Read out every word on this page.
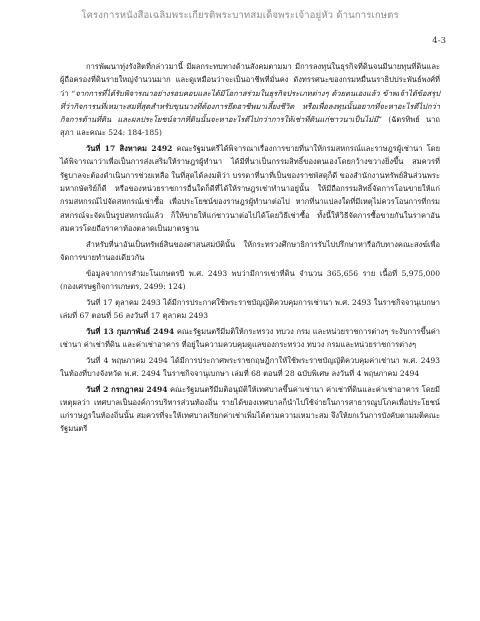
โครงการหนังสือเฉลิมพระเกียรติพระบาทสมเด็จพระเจ้าอยู่หัว ด้านการเกษตร
4-3

การพัฒนาทุ่งรังสิตที่กล่าวมานี้ มีผลกระทบทางด้านสังคมตามมา มีการลงทุนในธุรกิจที่ดินจนมีนายทุนที่ดินและผู้ถือครองที่ดินรายใหญ่จำนวนมาก และดูเหมือนว่าจะเป็นอาชีพที่มั่นคง ดังทรรศนะของกรมหมื่นนราธิปประพันธ์พงศ์ที่ว่า “จากการที่ได้รับพิจารณาอย่างรอบคอบและได้มีโอกาสร่วมในธุรกิจประเภทต่างๆ ด้วยตนเองแล้ว ข้าพเจ้าได้ข้อสรุปที่ว่ากิจการนที่เหมาะสมที่สุดสำหรับขุนนางที่ต้องการยึดอาชีพมาเลี้ยงชีวิต หรือเพื่อลงทุนนั้นอยากที่จะหาอะไรดีไปกว่ากิจการด้านที่ดิน และผลประโยชน์จากที่ดินนั้นจะหาอะไรดีไปกว่าการให้เช่าที่ดินแก่ชาวนาเป็นไม่มี” (ฉัตรทิพย์ นาถสุภา และคณะ 524: 184-185)

วันที่ 17 สิงหาคม 2492 คณะรัฐมนตรีได้พิจารณาเรื่องการขายที่นาให้กรมสหกรณ์และราษฎรผู้เช่านา โดยได้พิจารณาว่าเพื่อเป็นการส่งเสริมให้ราษฎรผู้ทำนา ได้มีที่นาเป็นกรรมสิทธิ์ของตนเองโดยกว้างขวางยิ่งขึ้น สมควรที่รัฐบาลจะต้องดำเนินการช่วยเหลือ ในที่สุดได้ลงมติว่า บรรดาที่นาที่เป็นของราชพัสดุก็ดี ของสำนักงานทรัพย์สินส่วนพระมหากษัตริย์ก็ดี หรือของหน่วยราชการอื่นใดก็ดีที่ได้ให้ราษฎรเช่าทำนาอยู่นั้น ให้มีถือกรรมสิทธิ์จัดการโอนขายให้แก่กรมสหกรณ์ไปจัดสหกรณ์เช่าซื้อ เพื่อประโยชน์ของราษฎรผู้ทำนาต่อไป หากที่นาแปลงใดที่มีเหตุไม่ควรโอนการที่กรมสหกรณ์จะจัดเป็นรูปสหกรณ์แล้ว ก็ให้ขายให้แก่ชาวนาต่อไปได้โดยวิธีเช่าซื้อ ทั้งนี้ให้วิธีจัดการซื้อขายกันในราคาอันสมควรโดยถือราคาท้องตลาดเป็นมาตรฐาน

สำหรับที่นาอันเป็นทรัพย์สินของศาสนสมบัตินั้น ให้กระทรวงศึกษาธิการรับไปปรึกษาหารือกับทางคณะสงฆ์เพื่อจัดการขายทำนองเดียวกัน

ข้อมูลจากการสำมะโนเกษตรปี พ.ศ. 2493 พบว่ามีการเช่าที่ดิน จำนวน 365,656 ราย เนื้อที่ 5,975,000 (กองเศรษฐกิจการเกษตร, 2499: 124)

วันที่ 17 ตุลาคม 2493 ได้มีการประกาศใช้พระราชบัญญัติควบคุมการเช่านา พ.ศ. 2493 ในราชกิจจานุเบกษา เล่มที่ 67 ตอนที่ 56 ลงวันที่ 17 ตุลาคม 2493

วันที่ 13 กุมภาพันธ์ 2494 คณะรัฐมนตรีมีมติให้กระทรวง ทบวง กรม และหน่วยราชการต่างๆ ระงับการขึ้นค่าเช่านา ค่าเช่าที่ดิน และค่าเช่าอาคาร ที่อยู่ในความควบคุมดูแลของกระทรวง ทบวง กรมและหน่วยราชการต่างๆ

วันที่ 4 พฤษภาคม 2494 ได้มีการประกาศพระราชกฤษฎีกาให้ใช้พระราชบัญญัติควบคุมค่าเช่านา พ.ศ. 2493 ในท้องที่บางจังหวัด พ.ศ. 2494 ในราชกิจจานุเบกษา เล่มที่ 68 ตอนที่ 28 ฉบับพิเศษ ลงวันที่ 4 พฤษภาคม 2494

วันที่ 2 กรกฎาคม 2494 คณะรัฐมนตรีมีมติอนุมัติให้เทศบาลขึ้นค่าเช่านา ค่าเช่าที่ดินและค่าเช่าอาคาร โดยมีเหตุผลว่า เทศบาลเป็นองค์การบริหารส่วนท้องถิ่น รายได้ของเทศบาลก็นำไปใช้จ่ายในการสาธารณูปโภคเพื่อประโยชน์แก่ราษฎรในท้องถิ่นนั้น สมควรที่จะให้เทศบาลเรียกค่าเช่าเพิ่มได้ตามความเหมาะสม จึงให้ยกเว้นการบังคับตามมติคณะรัฐมนตรี
